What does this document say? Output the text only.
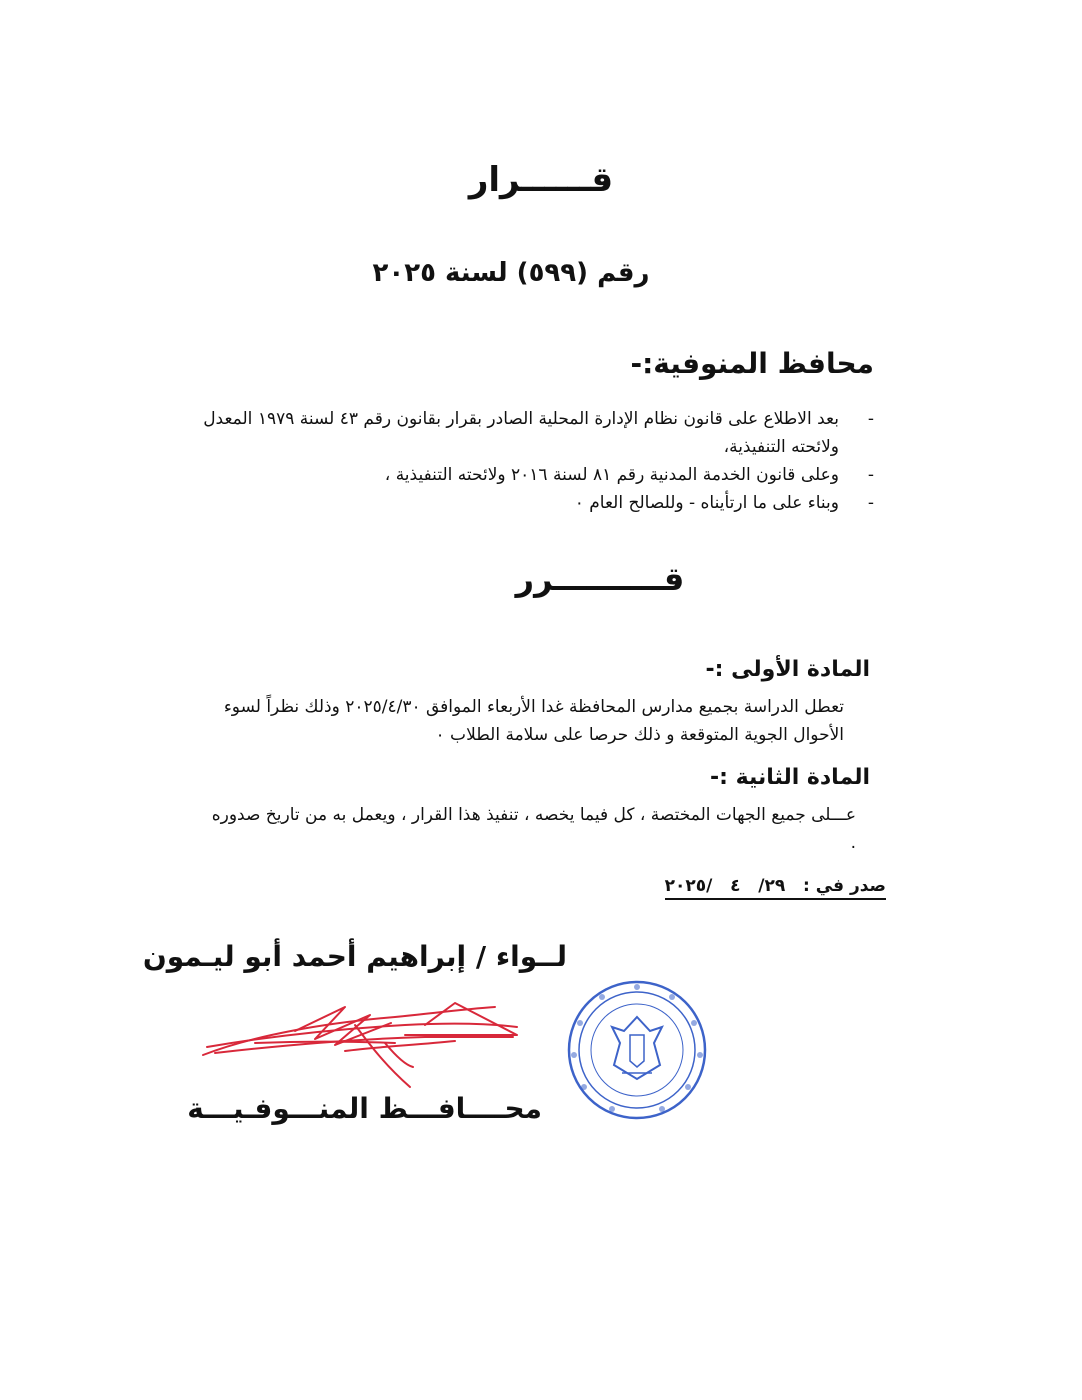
قــــــرار
رقم (٥٩٩) لسنة ٢٠٢٥
محافظ المنوفية:-
-
بعد الاطلاع على قانون نظام الإدارة المحلية الصادر بقرار بقانون رقم ٤٣ لسنة ١٩٧٩ المعدل ولائحته التنفيذية،
-
وعلى قانون الخدمة المدنية رقم ٨١ لسنة ٢٠١٦ ولائحته التنفيذية ،
-
وبناء على ما ارتأيناه - وللصالح العام ٠
قــــــــــرر
المادة الأولى :-
تعطل الدراسة بجميع مدارس المحافظة غدا الأربعاء الموافق ٢٠٢٥/٤/٣٠ وذلك نظراً لسوء الأحوال الجوية المتوقعة و ذلك حرصا على سلامة الطلاب ٠
المادة الثانية :-
عـــلى جميع الجهات المختصة ، كل فيما يخصه ، تنفيذ هذا القرار ، ويعمل به من تاريخ صدوره .
صدر في :   ٢٩/   ٤   /٢٠٢٥
لــواء / إبراهيم أحمد أبو ليـمون
محــــافـــظ المنـــوفـيـــة
